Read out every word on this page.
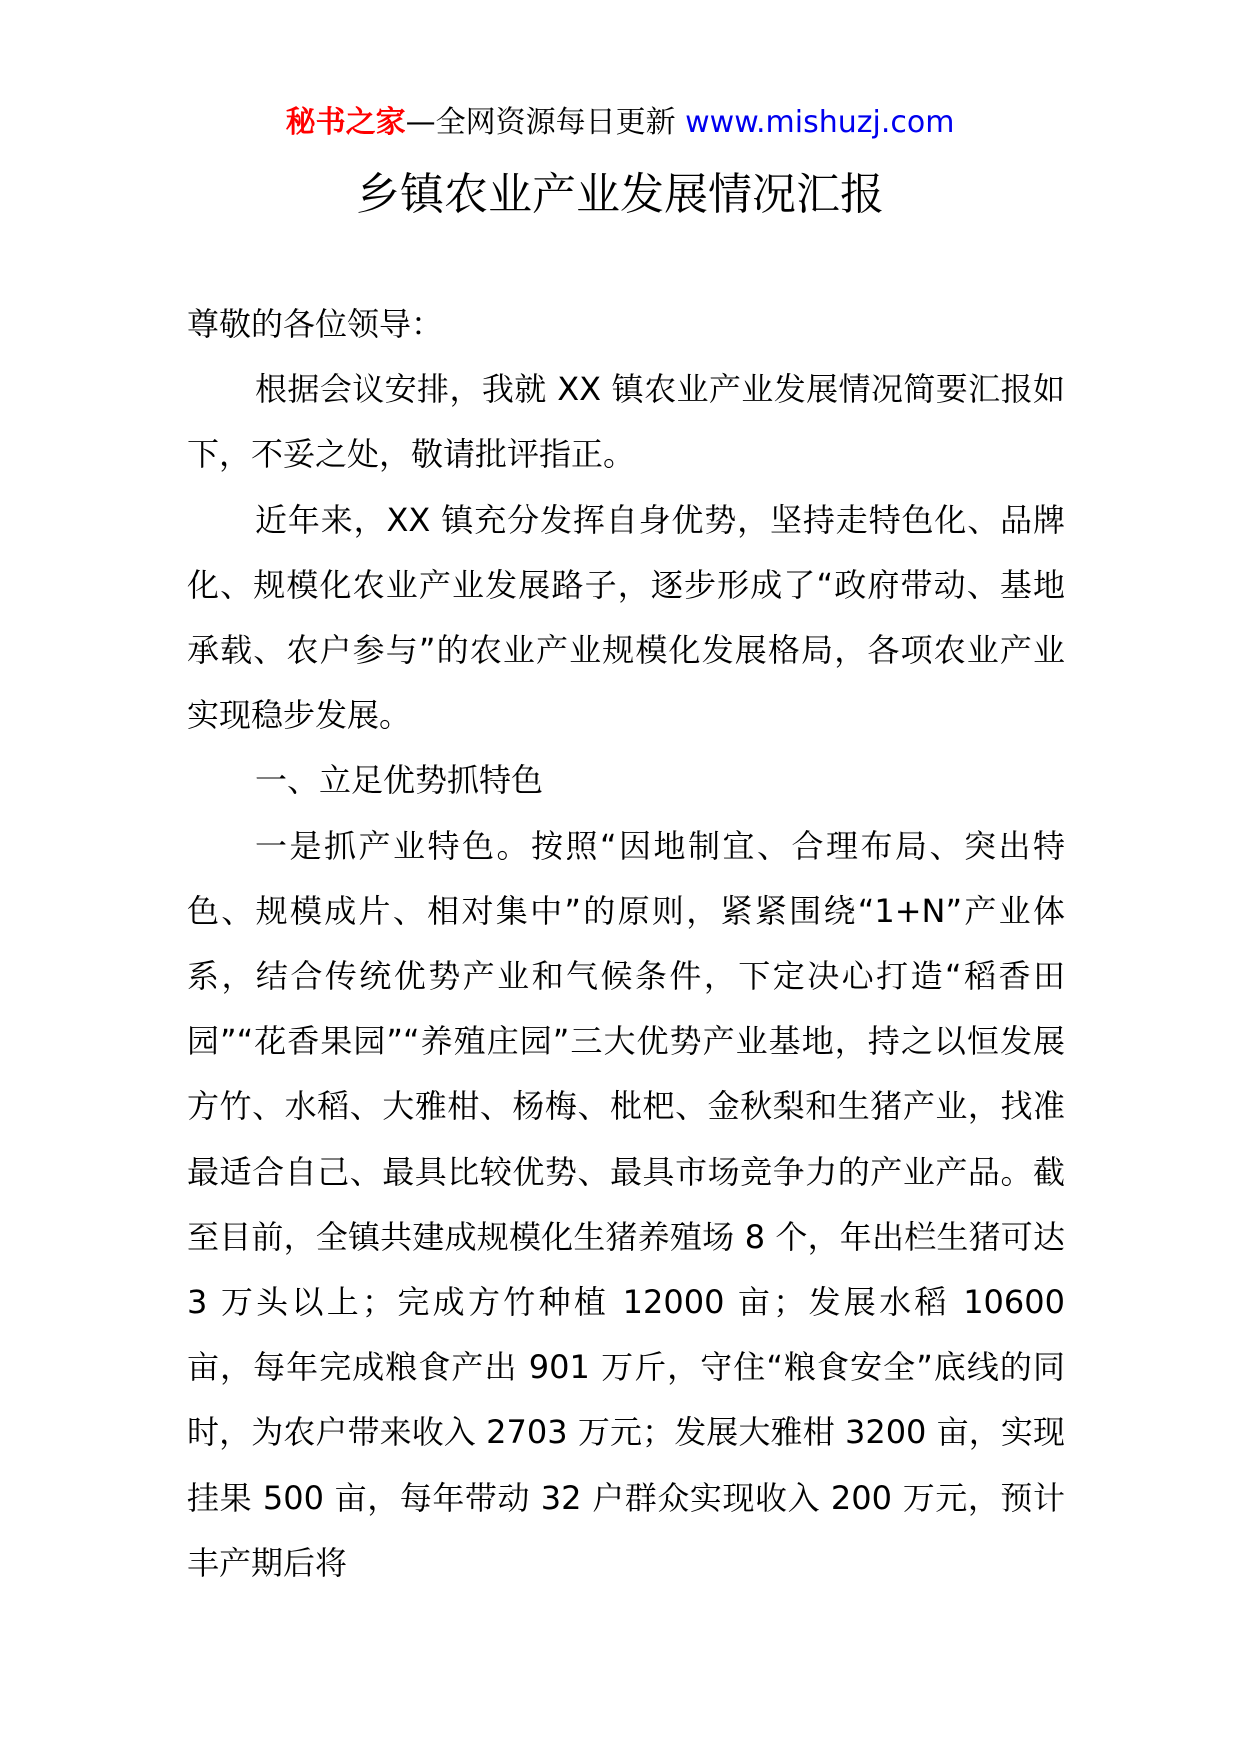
秘书之家—全网资源每日更新 www.mishuzj.com
乡镇农业产业发展情况汇报

尊敬的各位领导：

根据会议安排，我就 XX 镇农业产业发展情况简要汇报如下，不妥之处，敬请批评指正。

近年来，XX 镇充分发挥自身优势，坚持走特色化、品牌化、规模化农业产业发展路子，逐步形成了“政府带动、基地承载、农户参与”的农业产业规模化发展格局，各项农业产业实现稳步发展。

一、立足优势抓特色

一是抓产业特色。按照“因地制宜、合理布局、突出特色、规模成片、相对集中”的原则，紧紧围绕“1+N”产业体系，结合传统优势产业和气候条件，下定决心打造“稻香田园”“花香果园”“养殖庄园”三大优势产业基地，持之以恒发展方竹、水稻、大雅柑、杨梅、枇杷、金秋梨和生猪产业，找准最适合自己、最具比较优势、最具市场竞争力的产业产品。截至目前，全镇共建成规模化生猪养殖场 8 个，年出栏生猪可达 3 万头以上；完成方竹种植 12000 亩；发展水稻 10600 亩，每年完成粮食产出 901 万斤，守住“粮食安全”底线的同时，为农户带来收入 2703 万元；发展大雅柑 3200 亩，实现挂果 500 亩，每年带动 32 户群众实现收入 200 万元，预计丰产期后将
